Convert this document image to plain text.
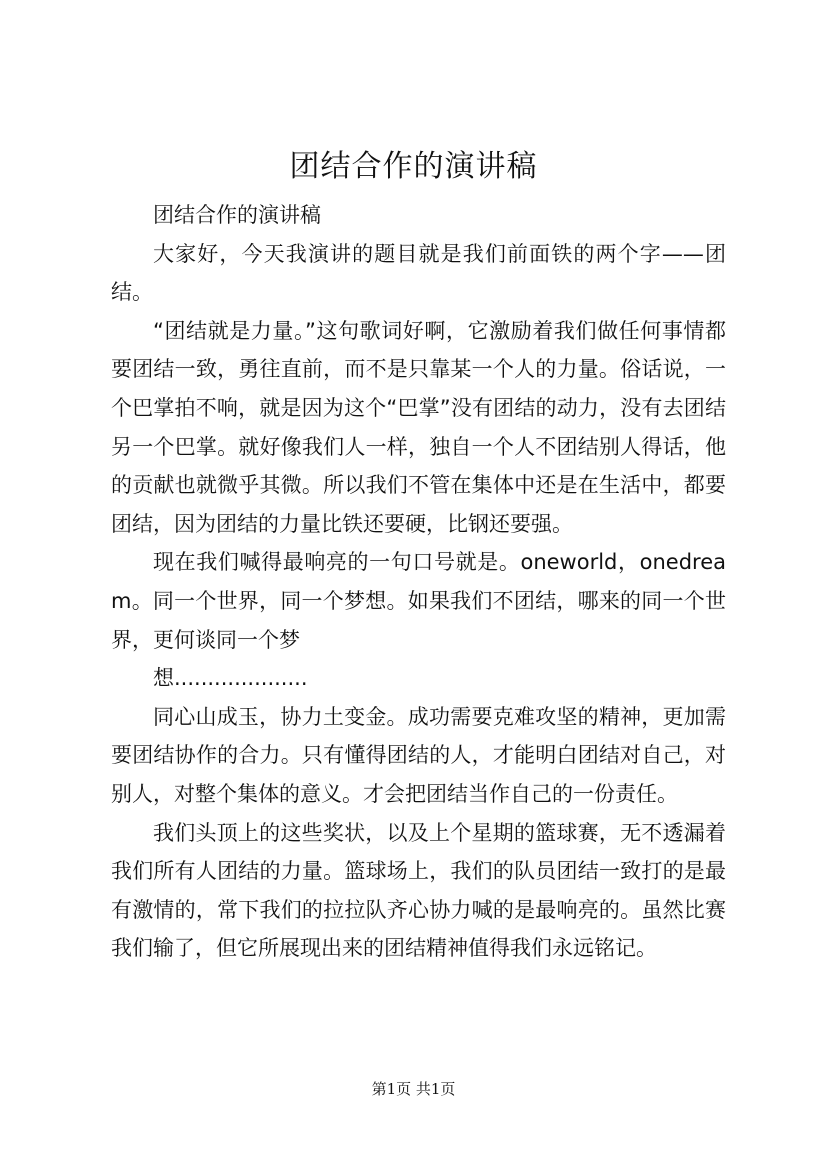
团结合作的演讲稿

团结合作的演讲稿

大家好，今天我演讲的题目就是我们前面铁的两个字——团结。

“团结就是力量。”这句歌词好啊，它激励着我们做任何事情都要团结一致，勇往直前，而不是只靠某一个人的力量。俗话说，一个巴掌拍不响，就是因为这个“巴掌”没有团结的动力，没有去团结另一个巴掌。就好像我们人一样，独自一个人不团结别人得话，他的贡献也就微乎其微。所以我们不管在集体中还是在生活中，都要团结，因为团结的力量比铁还要硬，比钢还要强。

现在我们喊得最响亮的一句口号就是。oneworld，onedream。同一个世界，同一个梦想。如果我们不团结，哪来的同一个世界，更何谈同一个梦

想....................

同心山成玉，协力土变金。成功需要克难攻坚的精神，更加需要团结协作的合力。只有懂得团结的人，才能明白团结对自己，对别人，对整个集体的意义。才会把团结当作自己的一份责任。

我们头顶上的这些奖状，以及上个星期的篮球赛，无不透漏着我们所有人团结的力量。篮球场上，我们的队员团结一致打的是最有激情的，常下我们的拉拉队齐心协力喊的是最响亮的。虽然比赛我们输了，但它所展现出来的团结精神值得我们永远铭记。

第1页 共1页
